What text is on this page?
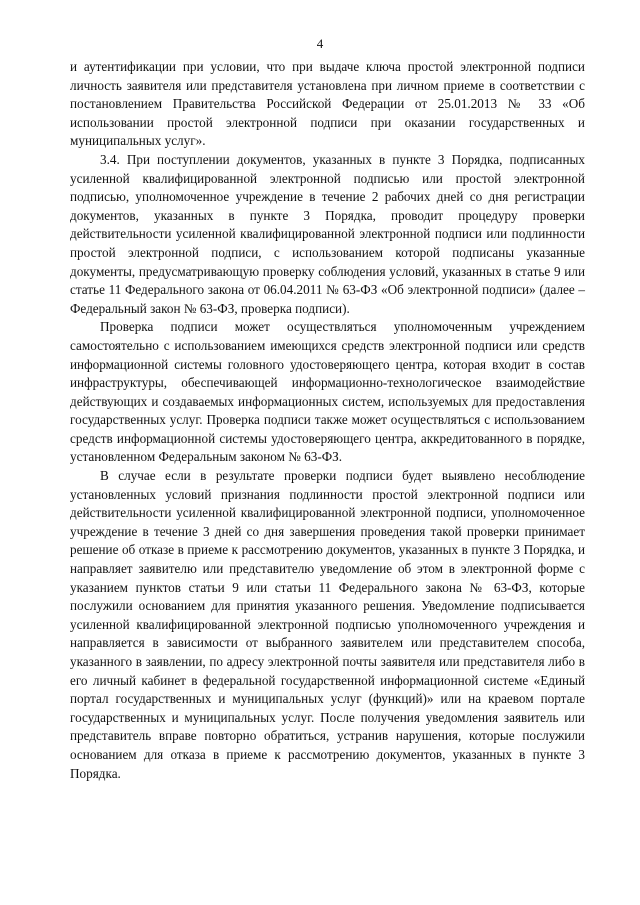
4

и аутентификации при условии, что при выдаче ключа простой электронной подписи личность заявителя или представителя установлена при личном приеме в соответствии с постановлением Правительства Российской Федерации от 25.01.2013 № 33 «Об использовании простой электронной подписи при оказании государственных и муниципальных услуг».

3.4. При поступлении документов, указанных в пункте 3 Порядка, подписанных усиленной квалифицированной электронной подписью или простой электронной подписью, уполномоченное учреждение в течение 2 рабочих дней со дня регистрации документов, указанных в пункте 3 Порядка, проводит процедуру проверки действительности усиленной квалифицированной электронной подписи или подлинности простой электронной подписи, с использованием которой подписаны указанные документы, предусматривающую проверку соблюдения условий, указанных в статье 9 или статье 11 Федерального закона от 06.04.2011 № 63-ФЗ «Об электронной подписи» (далее – Федеральный закон № 63-ФЗ, проверка подписи).

Проверка подписи может осуществляться уполномоченным учреждением самостоятельно с использованием имеющихся средств электронной подписи или средств информационной системы головного удостоверяющего центра, которая входит в состав инфраструктуры, обеспечивающей информационно-технологическое взаимодействие действующих и создаваемых информационных систем, используемых для предоставления государственных услуг. Проверка подписи также может осуществляться с использованием средств информационной системы удостоверяющего центра, аккредитованного в порядке, установленном Федеральным законом № 63-ФЗ.

В случае если в результате проверки подписи будет выявлено несоблюдение установленных условий признания подлинности простой электронной подписи или действительности усиленной квалифицированной электронной подписи, уполномоченное учреждение в течение 3 дней со дня завершения проведения такой проверки принимает решение об отказе в приеме к рассмотрению документов, указанных в пункте 3 Порядка, и направляет заявителю или представителю уведомление об этом в электронной форме с указанием пунктов статьи 9 или статьи 11 Федерального закона № 63-ФЗ, которые послужили основанием для принятия указанного решения. Уведомление подписывается усиленной квалифицированной электронной подписью уполномоченного учреждения и направляется в зависимости от выбранного заявителем или представителем способа, указанного в заявлении, по адресу электронной почты заявителя или представителя либо в его личный кабинет в федеральной государственной информационной системе «Единый портал государственных и муниципальных услуг (функций)» или на краевом портале государственных и муниципальных услуг. После получения уведомления заявитель или представитель вправе повторно обратиться, устранив нарушения, которые послужили основанием для отказа в приеме к рассмотрению документов, указанных в пункте 3 Порядка.
